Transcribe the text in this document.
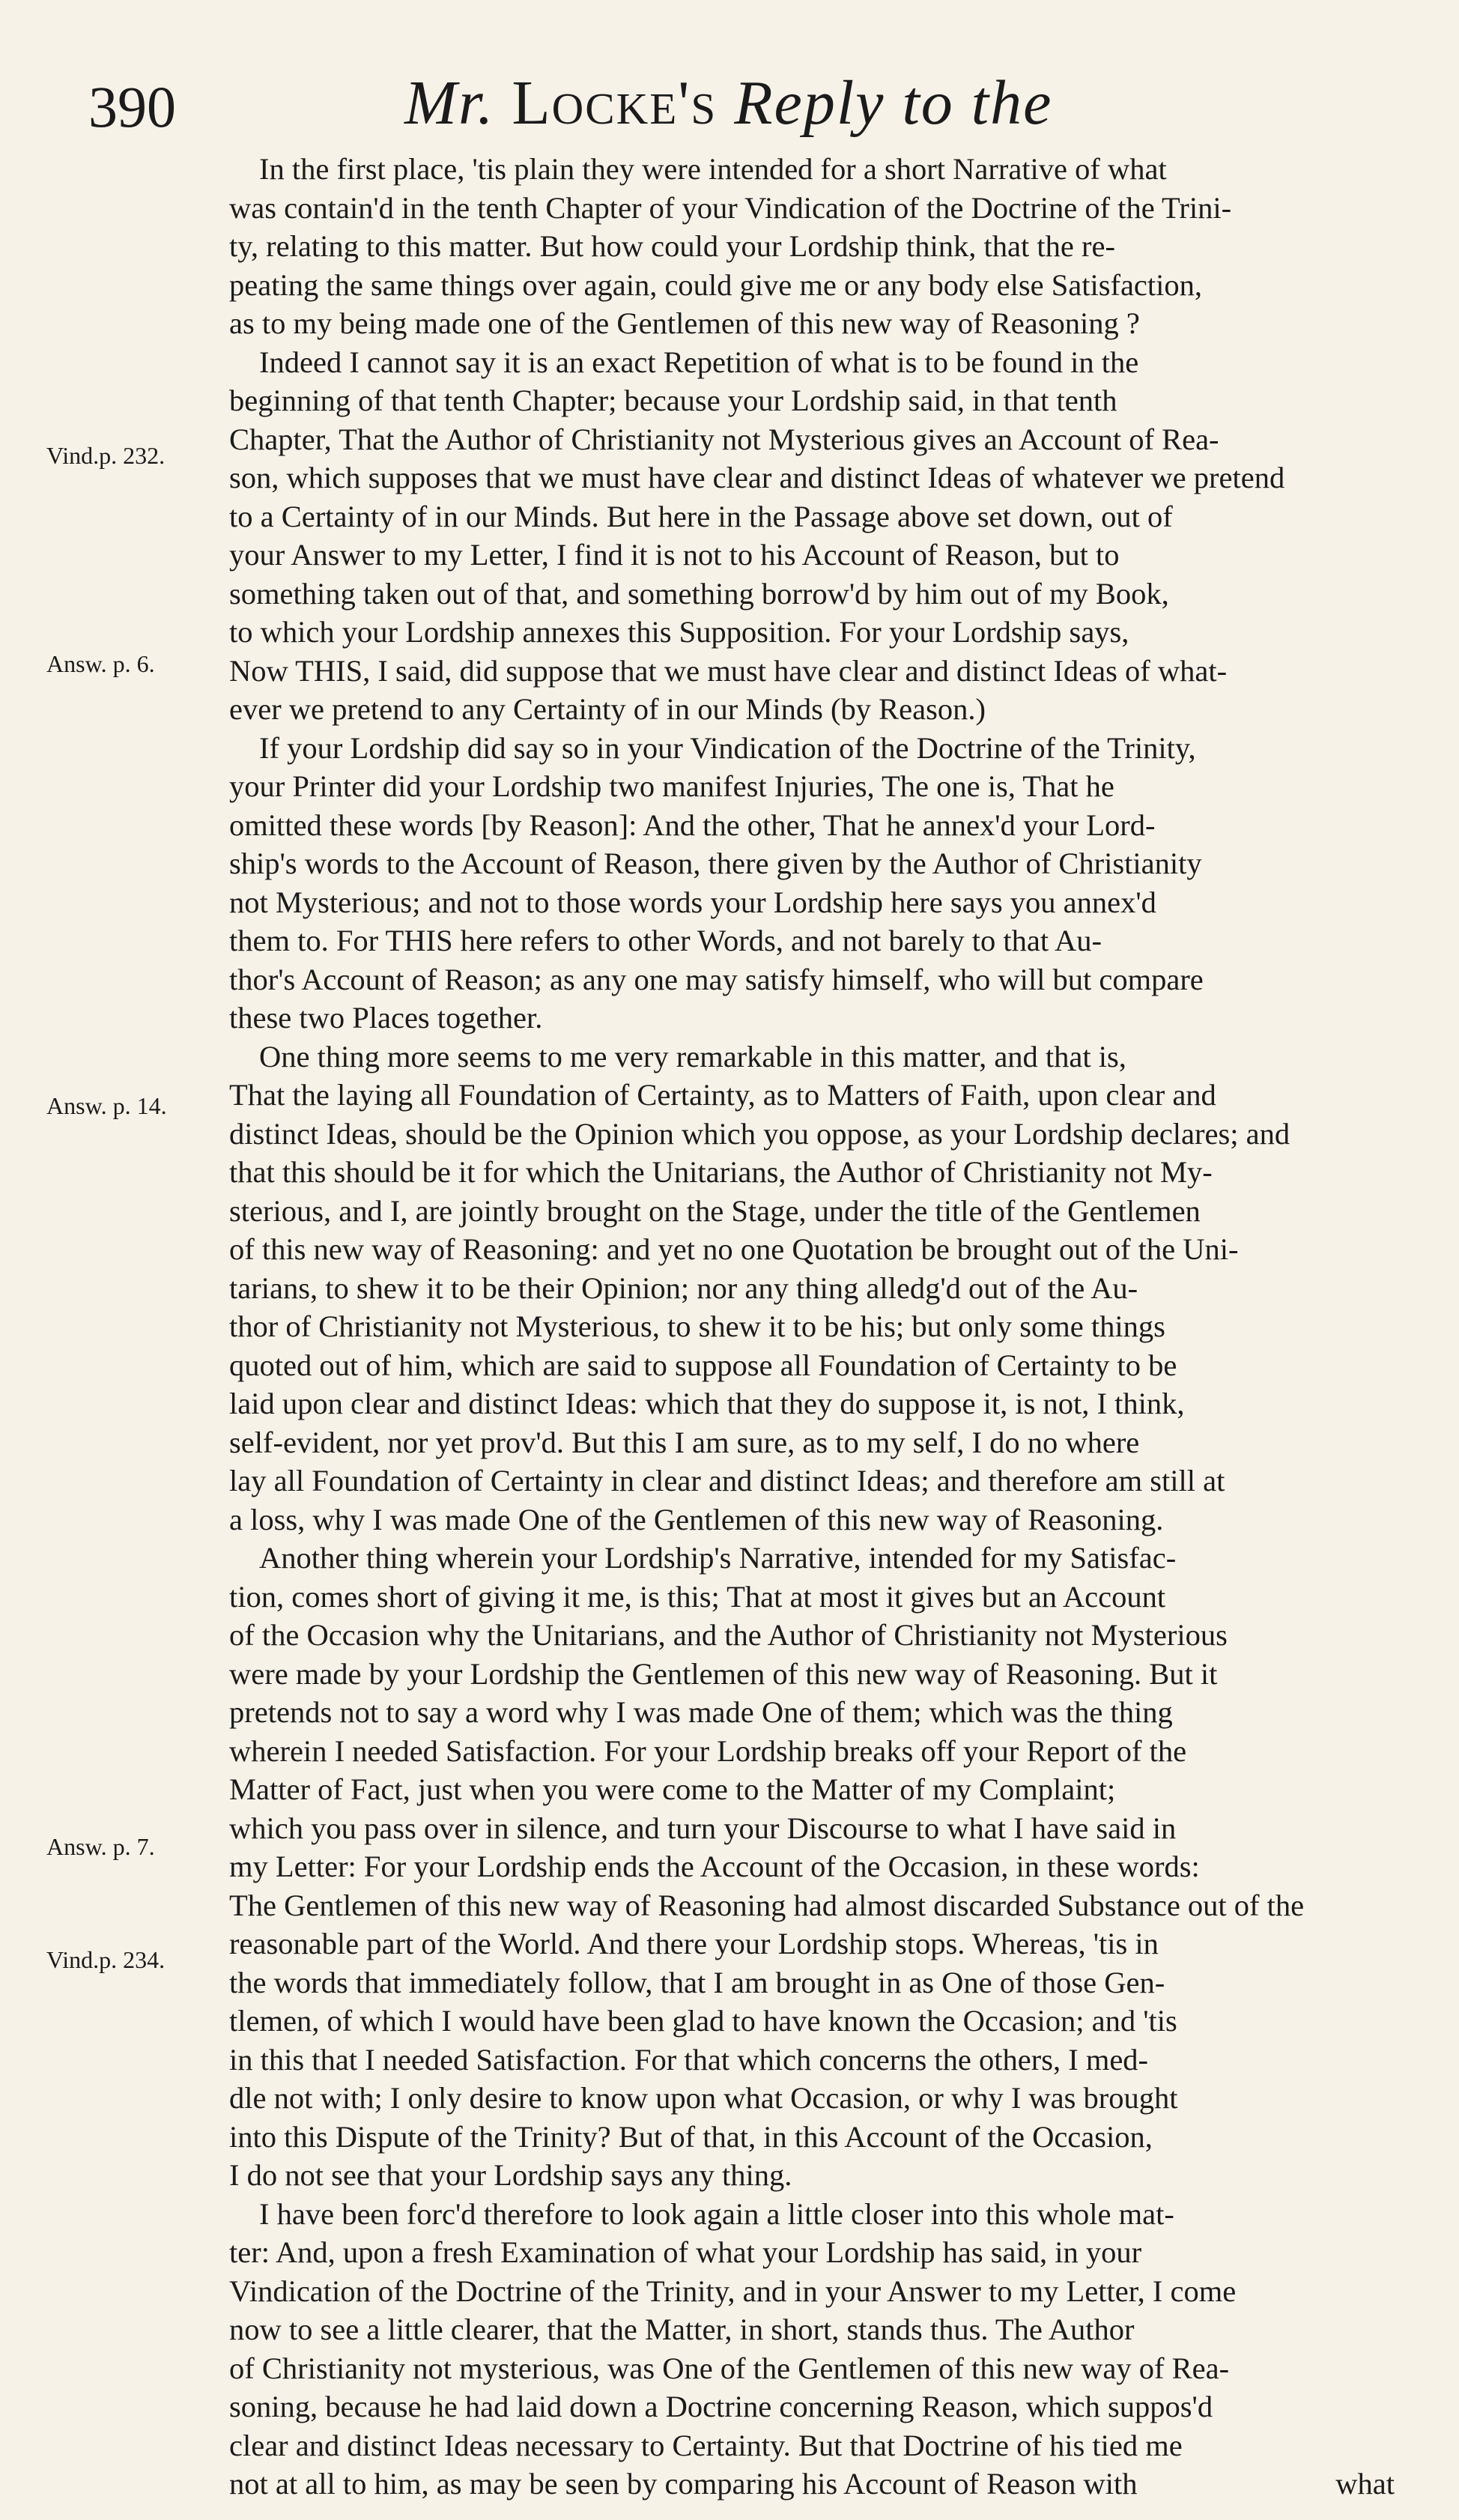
390	Mr. Locke's Reply to the
Vind.p. 232.
Answ. p. 6.
Answ. p. 14.
Answ. p. 7.
Vind.p. 234.
In the first place, 'tis plain they were intended for a short Narrative of what
was contain'd in the tenth Chapter of your Vindication of the Doctrine of the Trini-
ty, relating to this matter. But how could your Lordship think, that the re-
peating the same things over again, could give me or any body else Satisfaction,
as to my being made one of the Gentlemen of this new way of Reasoning ?
Indeed I cannot say it is an exact Repetition of what is to be found in the
beginning of that tenth Chapter; because your Lordship said, in that tenth
Chapter, That the Author of Christianity not Mysterious gives an Account of Rea-
son, which supposes that we must have clear and distinct Ideas of whatever we pretend
to a Certainty of in our Minds. But here in the Passage above set down, out of
your Answer to my Letter, I find it is not to his Account of Reason, but to
something taken out of that, and something borrow'd by him out of my Book,
to which your Lordship annexes this Supposition. For your Lordship says,
Now THIS, I said, did suppose that we must have clear and distinct Ideas of what-
ever we pretend to any Certainty of in our Minds (by Reason.)
If your Lordship did say so in your Vindication of the Doctrine of the Trinity,
your Printer did your Lordship two manifest Injuries, The one is, That he
omitted these words [by Reason]: And the other, That he annex'd your Lord-
ship's words to the Account of Reason, there given by the Author of Christianity
not Mysterious; and not to those words your Lordship here says you annex'd
them to. For THIS here refers to other Words, and not barely to that Au-
thor's Account of Reason; as any one may satisfy himself, who will but compare
these two Places together.
One thing more seems to me very remarkable in this matter, and that is,
That the laying all Foundation of Certainty, as to Matters of Faith, upon clear and
distinct Ideas, should be the Opinion which you oppose, as your Lordship declares; and
that this should be it for which the Unitarians, the Author of Christianity not My-
sterious, and I, are jointly brought on the Stage, under the title of the Gentlemen
of this new way of Reasoning: and yet no one Quotation be brought out of the Uni-
tarians, to shew it to be their Opinion; nor any thing alledg'd out of the Au-
thor of Christianity not Mysterious, to shew it to be his; but only some things
quoted out of him, which are said to suppose all Foundation of Certainty to be
laid upon clear and distinct Ideas: which that they do suppose it, is not, I think,
self-evident, nor yet prov'd. But this I am sure, as to my self, I do no where
lay all Foundation of Certainty in clear and distinct Ideas; and therefore am still at
a loss, why I was made One of the Gentlemen of this new way of Reasoning.
Another thing wherein your Lordship's Narrative, intended for my Satisfac-
tion, comes short of giving it me, is this; That at most it gives but an Account
of the Occasion why the Unitarians, and the Author of Christianity not Mysterious
were made by your Lordship the Gentlemen of this new way of Reasoning. But it
pretends not to say a word why I was made One of them; which was the thing
wherein I needed Satisfaction. For your Lordship breaks off your Report of the
Matter of Fact, just when you were come to the Matter of my Complaint;
which you pass over in silence, and turn your Discourse to what I have said in
my Letter: For your Lordship ends the Account of the Occasion, in these words:
The Gentlemen of this new way of Reasoning had almost discarded Substance out of the
reasonable part of the World. And there your Lordship stops. Whereas, 'tis in
the words that immediately follow, that I am brought in as One of those Gen-
tlemen, of which I would have been glad to have known the Occasion; and 'tis
in this that I needed Satisfaction. For that which concerns the others, I med-
dle not with; I only desire to know upon what Occasion, or why I was brought
into this Dispute of the Trinity? But of that, in this Account of the Occasion,
I do not see that your Lordship says any thing.
I have been forc'd therefore to look again a little closer into this whole mat-
ter: And, upon a fresh Examination of what your Lordship has said, in your
Vindication of the Doctrine of the Trinity, and in your Answer to my Letter, I come
now to see a little clearer, that the Matter, in short, stands thus. The Author
of Christianity not mysterious, was One of the Gentlemen of this new way of Rea-
soning, because he had laid down a Doctrine concerning Reason, which suppos'd
clear and distinct Ideas necessary to Certainty. But that Doctrine of his tied me
not at all to him, as may be seen by comparing his Account of Reason with	what
